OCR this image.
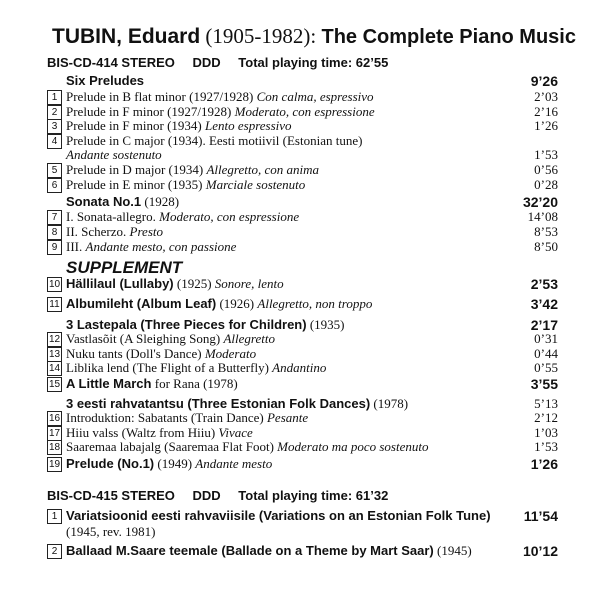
TUBIN, Eduard (1905-1982): The Complete Piano Music
BIS-CD-414 STEREO DDD Total playing time: 62’55
Six Preludes	9’26
1 Prelude in B flat minor (1927/1928) Con calma, espressivo	2’03
2 Prelude in F minor (1927/1928) Moderato, con espressione	2’16
3 Prelude in F minor (1934) Lento espressivo	1’26
4 Prelude in C major (1934). Eesti motiivil (Estonian tune)
Andante sostenuto	1’53
5 Prelude in D major (1934) Allegretto, con anima	0’56
6 Prelude in E minor (1935) Marciale sostenuto	0’28
Sonata No.1 (1928)	32’20
7 I. Sonata-allegro. Moderato, con espressione	14’08
8 II. Scherzo. Presto	8’53
9 III. Andante mesto, con passione	8’50
SUPPLEMENT
10 Hällilaul (Lullaby) (1925) Sonore, lento	2’53
11 Albumileht (Album Leaf) (1926) Allegretto, non troppo	3’42
3 Lastepala (Three Pieces for Children) (1935)	2’17
12 Vastlasõit (A Sleighing Song) Allegretto	0’31
13 Nuku tants (Doll's Dance) Moderato	0’44
14 Liblika lend (The Flight of a Butterfly) Andantino	0’55
15 A Little March for Rana (1978)	3’55
3 eesti rahvatantsu (Three Estonian Folk Dances) (1978)	5’13
16 Introduktion: Sabatants (Train Dance) Pesante	2’12
17 Hiiu valss (Waltz from Hiiu) Vivace	1’03
18 Saaremaa labajalg (Saaremaa Flat Foot) Moderato ma poco sostenuto	1’53
19 Prelude (No.1) (1949) Andante mesto	1’26
BIS-CD-415 STEREO DDD Total playing time: 61’32
1 Variatsioonid eesti rahvaviisile (Variations on an Estonian Folk Tune)
(1945, rev. 1981)
11’54
2 Ballaad M.Saare teemale (Ballade on a Theme by Mart Saar) (1945)	10’12
